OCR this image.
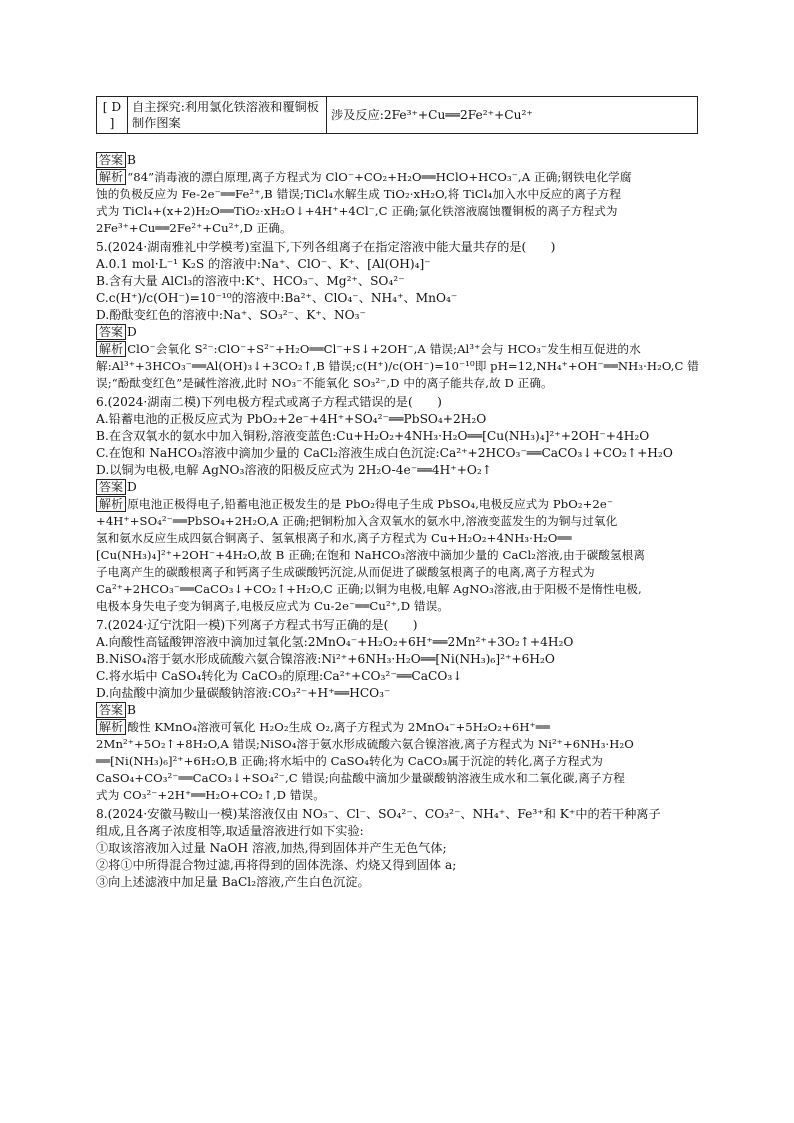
[ D ]	自主探究:利用氯化铁溶液和覆铜板制作图案	涉及反应:2Fe³⁺+Cu══2Fe²⁺+Cu²⁺
答案 B
解析 “84”消毒液的漂白原理,离子方程式为 ClO⁻+CO₂+H₂O══HClO+HCO₃⁻,A 正确;钢铁电化学腐
蚀的负极反应为 Fe-2e⁻══Fe²⁺,B 错误;TiCl₄水解生成 TiO₂·xH₂O,将 TiCl₄加入水中反应的离子方程
式为 TiCl₄+(x+2)H₂O══TiO₂·xH₂O↓+4H⁺+4Cl⁻,C 正确;氯化铁溶液腐蚀覆铜板的离子方程式为
2Fe³⁺+Cu══2Fe²⁺+Cu²⁺,D 正确。
5.(2024·湖南雅礼中学模考)室温下,下列各组离子在指定溶液中能大量共存的是(　　)
A.0.1 mol·L⁻¹ K₂S 的溶液中:Na⁺、ClO⁻、K⁺、[Al(OH)₄]⁻
B.含有大量 AlCl₃的溶液中:K⁺、HCO₃⁻、Mg²⁺、SO₄²⁻
C.c(H⁺)/c(OH⁻)=10⁻¹⁰的溶液中:Ba²⁺、ClO₄⁻、NH₄⁺、MnO₄⁻
D.酚酞变红色的溶液中:Na⁺、SO₃²⁻、K⁺、NO₃⁻
答案 D
解析 ClO⁻会氧化 S²⁻:ClO⁻+S²⁻+H₂O══Cl⁻+S↓+2OH⁻,A 错误;Al³⁺会与 HCO₃⁻发生相互促进的水
解:Al³⁺+3HCO₃⁻══Al(OH)₃↓+3CO₂↑,B 错误;c(H⁺)/c(OH⁻)=10⁻¹⁰即 pH=12,NH₄⁺+OH⁻══NH₃·H₂O,C 错
误;“酚酞变红色”是碱性溶液,此时 NO₃⁻不能氧化 SO₃²⁻,D 中的离子能共存,故 D 正确。
6.(2024·湖南二模)下列电极方程式或离子方程式错误的是(　　)
A.铅蓄电池的正极反应式为 PbO₂+2e⁻+4H⁺+SO₄²⁻══PbSO₄+2H₂O
B.在含双氧水的氨水中加入铜粉,溶液变蓝色:Cu+H₂O₂+4NH₃·H₂O══[Cu(NH₃)₄]²⁺+2OH⁻+4H₂O
C.在饱和 NaHCO₃溶液中滴加少量的 CaCl₂溶液生成白色沉淀:Ca²⁺+2HCO₃⁻══CaCO₃↓+CO₂↑+H₂O
D.以铜为电极,电解 AgNO₃溶液的阳极反应式为 2H₂O-4e⁻══4H⁺+O₂↑
答案 D
解析 原电池正极得电子,铅蓄电池正极发生的是 PbO₂得电子生成 PbSO₄,电极反应式为 PbO₂+2e⁻
+4H⁺+SO₄²⁻══PbSO₄+2H₂O,A 正确;把铜粉加入含双氧水的氨水中,溶液变蓝发生的为铜与过氧化
氢和氨水反应生成四氨合铜离子、氢氧根离子和水,离子方程式为 Cu+H₂O₂+4NH₃·H₂O══
[Cu(NH₃)₄]²⁺+2OH⁻+4H₂O,故 B 正确;在饱和 NaHCO₃溶液中滴加少量的 CaCl₂溶液,由于碳酸氢根离
子电离产生的碳酸根离子和钙离子生成碳酸钙沉淀,从而促进了碳酸氢根离子的电离,离子方程式为
Ca²⁺+2HCO₃⁻══CaCO₃↓+CO₂↑+H₂O,C 正确;以铜为电极,电解 AgNO₃溶液,由于阳极不是惰性电极,
电极本身失电子变为铜离子,电极反应式为 Cu-2e⁻══Cu²⁺,D 错误。
7.(2024·辽宁沈阳一模)下列离子方程式书写正确的是(　　)
A.向酸性高锰酸钾溶液中滴加过氧化氢:2MnO₄⁻+H₂O₂+6H⁺══2Mn²⁺+3O₂↑+4H₂O
B.NiSO₄溶于氨水形成硫酸六氨合镍溶液:Ni²⁺+6NH₃·H₂O══[Ni(NH₃)₆]²⁺+6H₂O
C.将水垢中 CaSO₄转化为 CaCO₃的原理:Ca²⁺+CO₃²⁻══CaCO₃↓
D.向盐酸中滴加少量碳酸钠溶液:CO₃²⁻+H⁺══HCO₃⁻
答案 B
解析 酸性 KMnO₄溶液可氧化 H₂O₂生成 O₂,离子方程式为 2MnO₄⁻+5H₂O₂+6H⁺══
2Mn²⁺+5O₂↑+8H₂O,A 错误;NiSO₄溶于氨水形成硫酸六氨合镍溶液,离子方程式为 Ni²⁺+6NH₃·H₂O
══[Ni(NH₃)₆]²⁺+6H₂O,B 正确;将水垢中的 CaSO₄转化为 CaCO₃属于沉淀的转化,离子方程式为
CaSO₄+CO₃²⁻══CaCO₃↓+SO₄²⁻,C 错误;向盐酸中滴加少量碳酸钠溶液生成水和二氧化碳,离子方程
式为 CO₃²⁻+2H⁺══H₂O+CO₂↑,D 错误。
8.(2024·安徽马鞍山一模)某溶液仅由 NO₃⁻、Cl⁻、SO₄²⁻、CO₃²⁻、NH₄⁺、Fe³⁺和 K⁺中的若干种离子
组成,且各离子浓度相等,取适量溶液进行如下实验:
①取该溶液加入过量 NaOH 溶液,加热,得到固体并产生无色气体;
②将①中所得混合物过滤,再将得到的固体洗涤、灼烧又得到固体 a;
③向上述滤液中加足量 BaCl₂溶液,产生白色沉淀。
